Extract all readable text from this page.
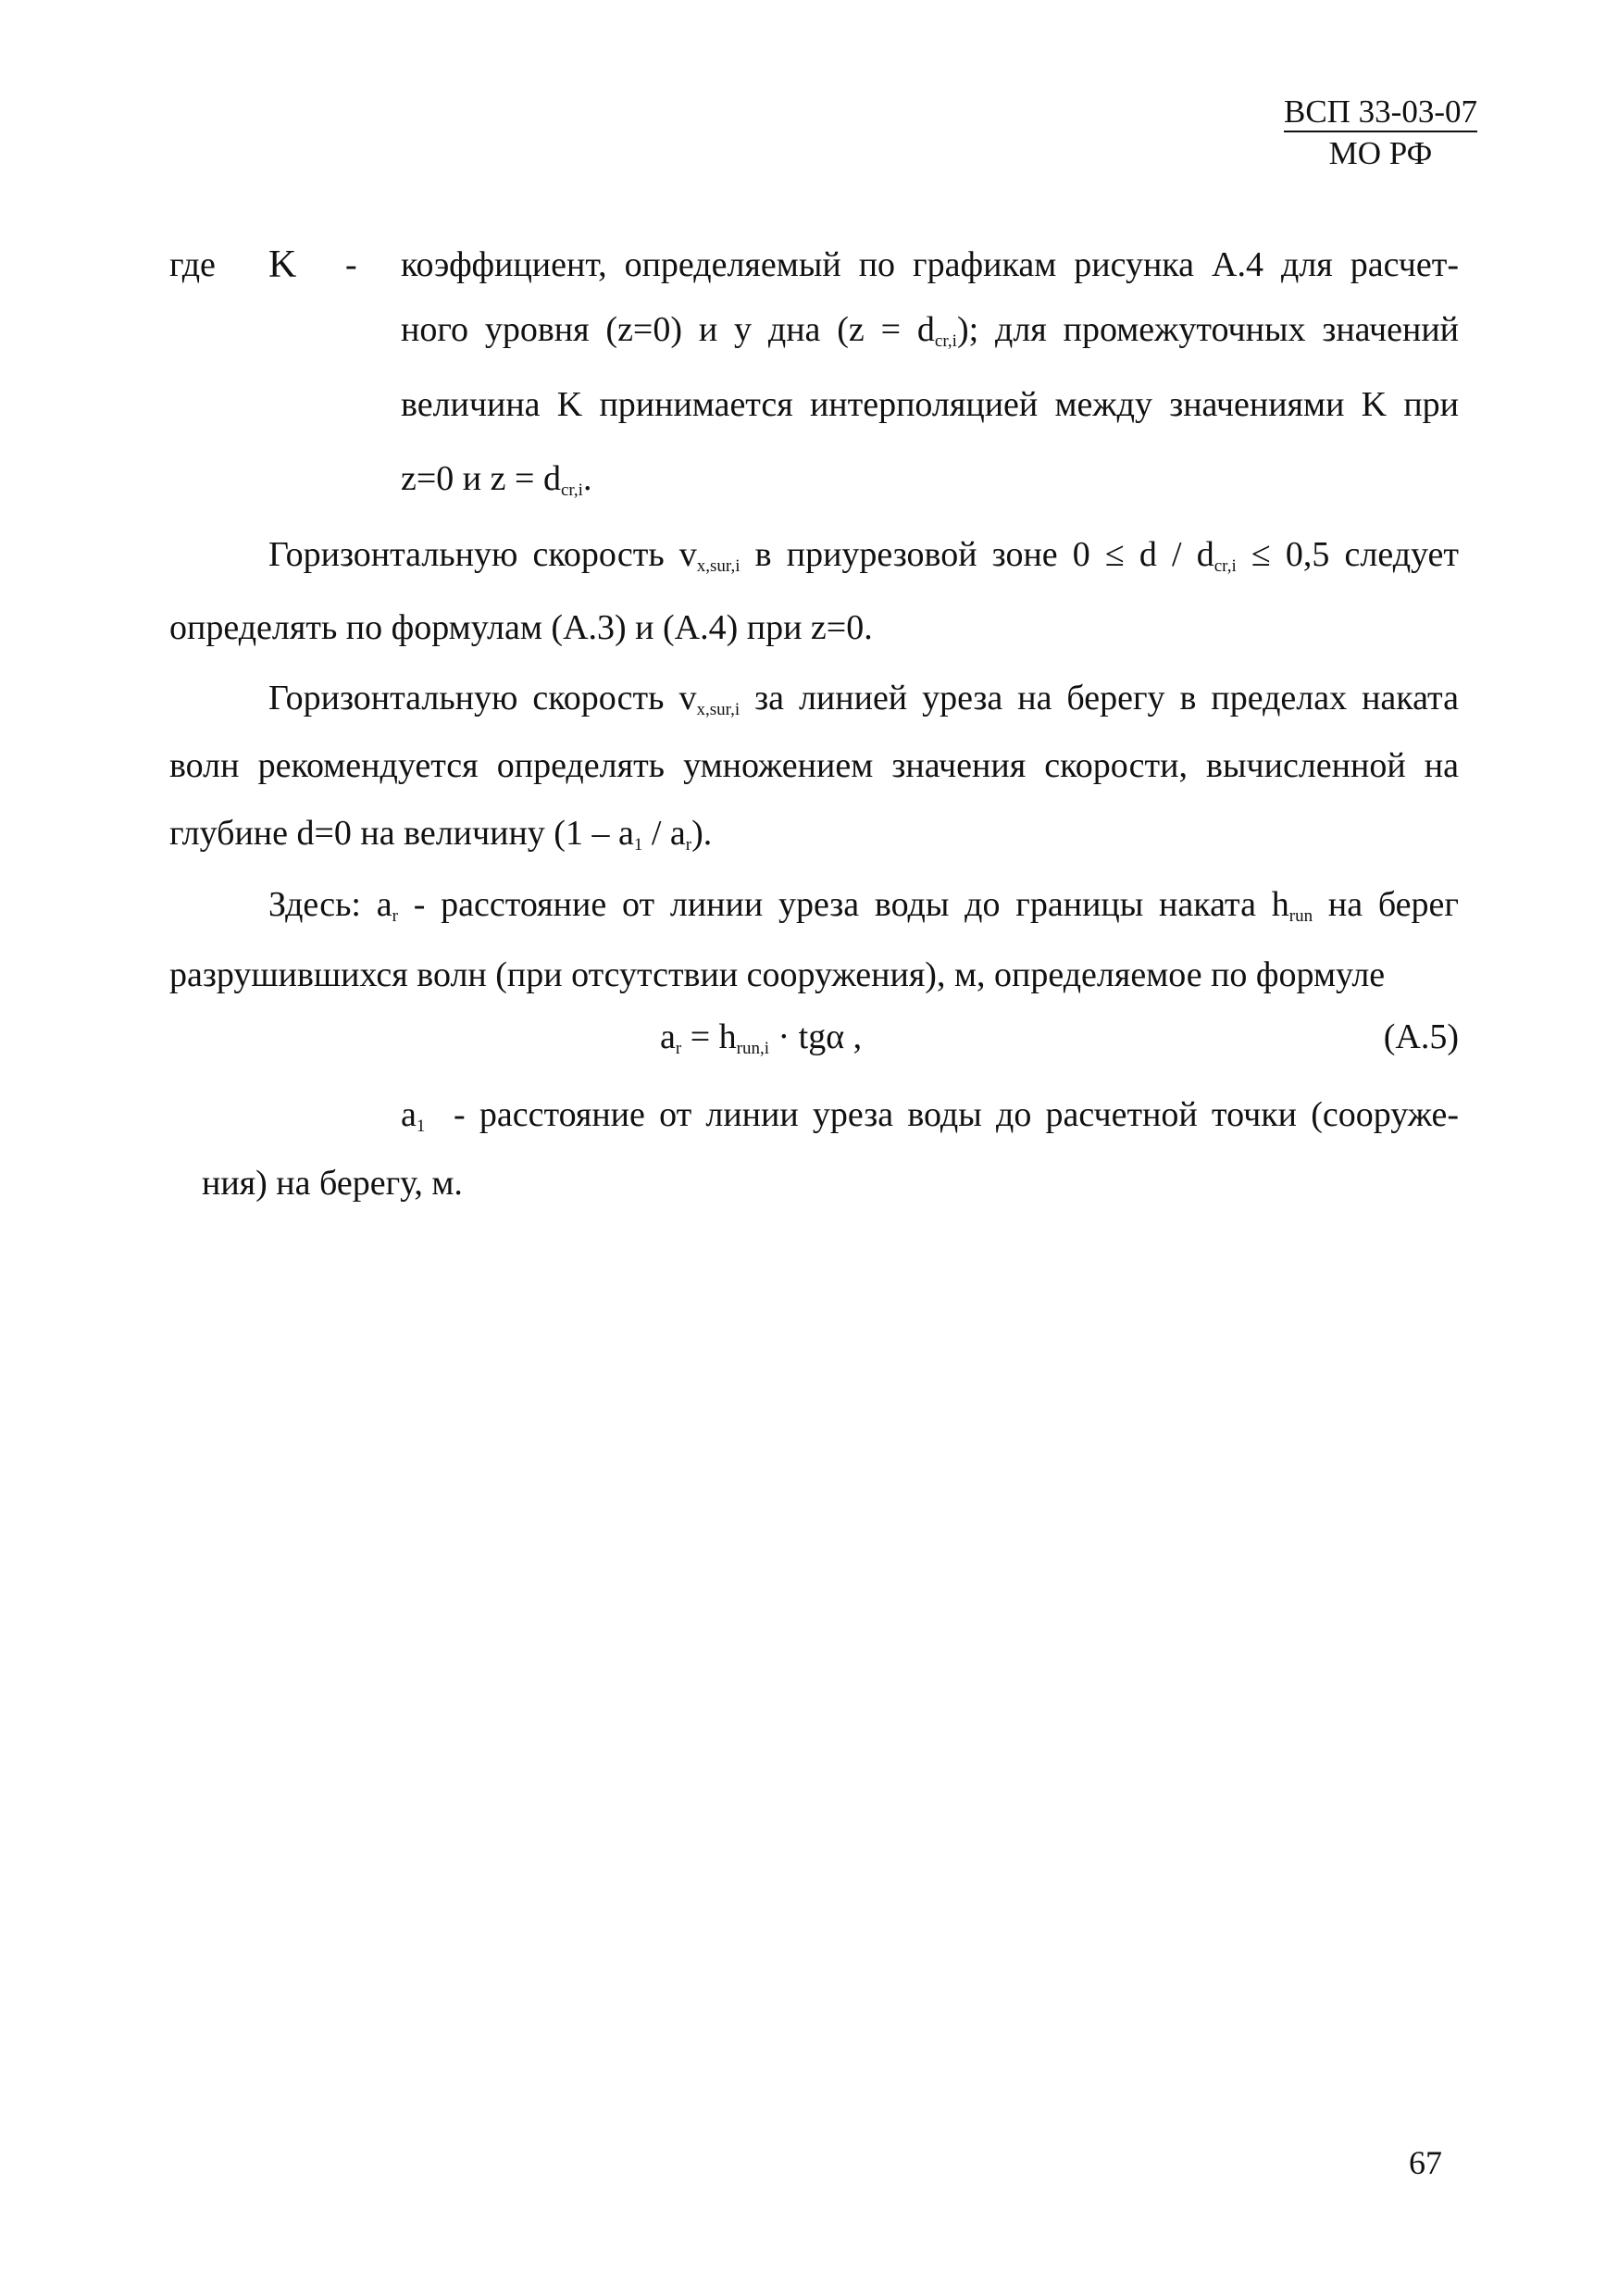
ВСП 33-03-07
МО РФ
где K - коэффициент, определяемый по графикам рисунка А.4 для расчет-
ного уровня (z=0) и у дна $(z = d_{cr,i})$; для промежуточных значений
величина K принимается интерполяцией между значениями K при
z=0 и $z = d_{cr,i}$.
Горизонтальную скорость $v_{x,sur,i}$ в приурезовой зоне $0 \le d / d_{cr,i} \le 0,5$ следует
определять по формулам (А.3) и (А.4) при z=0.
Горизонтальную скорость $v_{x,sur,i}$ за линией уреза на берегу в пределах наката
волн рекомендуется определять умножением значения скорости, вычисленной на
глубине d=0 на величину $(1 - a_1 / a_r)$.
Здесь: $a_r$ - расстояние от линии уреза воды до границы наката $h_{run}$ на берег
разрушившихся волн (при отсутствии сооружения), м, определяемое по формуле
$a_r = h_{run,i} \cdot tg\alpha$ ,	(А.5)
$a_1$ - расстояние от линии уреза воды до расчетной точки (сооруже-
ния) на берегу, м.
67
